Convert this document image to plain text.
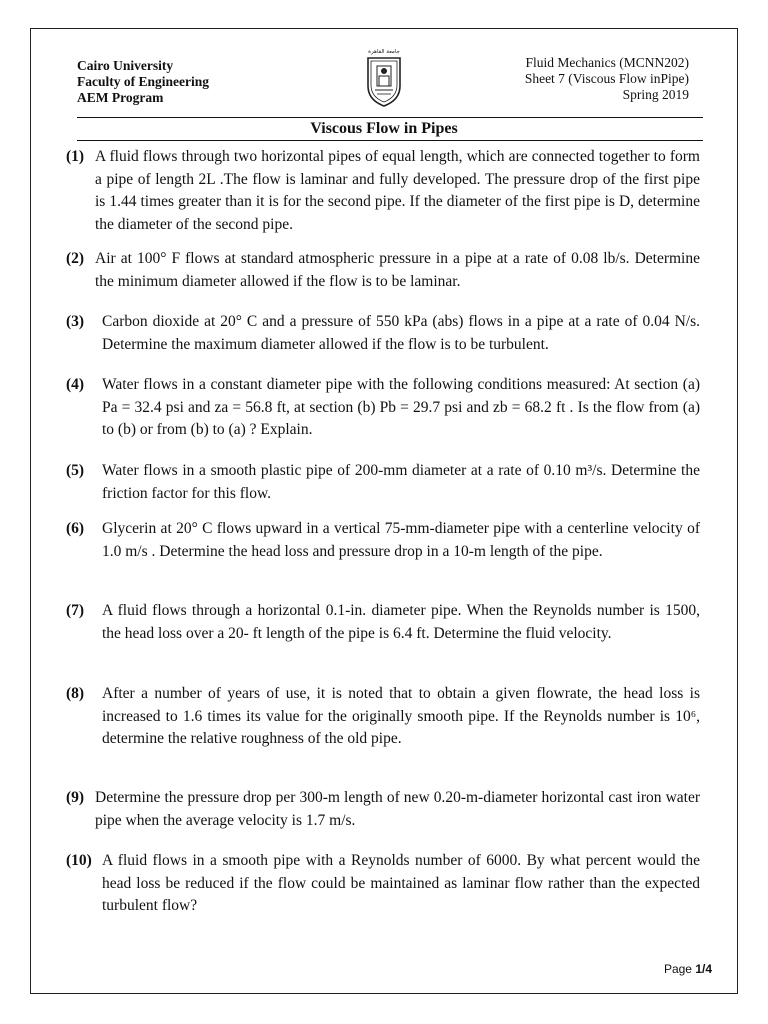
Cairo University
Faculty of Engineering
AEM Program
جامعة القاهرة
Fluid Mechanics (MCNN202)
Sheet 7 (Viscous Flow inPipe)
Spring 2019
Viscous Flow in Pipes
(1) A fluid flows through two horizontal pipes of equal length, which are connected together to form a pipe of length 2L .The flow is laminar and fully developed. The pressure drop of the first pipe is 1.44 times greater than it is for the second pipe. If the diameter of the first pipe is D, determine the diameter of the second pipe.
(2) Air at 100° F flows at standard atmospheric pressure in a pipe at a rate of 0.08 lb/s. Determine the minimum diameter allowed if the flow is to be laminar.
(3)	Carbon dioxide at 20° C and a pressure of 550 kPa (abs) flows in a pipe at a rate of 0.04 N/s. Determine the maximum diameter allowed if the flow is to be turbulent.
(4)	Water flows in a constant diameter pipe with the following conditions measured: At section (a) Pa = 32.4 psi and za = 56.8 ft, at section (b) Pb = 29.7 psi and zb = 68.2 ft . Is the flow from (a) to (b) or from (b) to (a) ? Explain.
(5)	Water flows in a smooth plastic pipe of 200-mm diameter at a rate of 0.10 m³/s. Determine the friction factor for this flow.
(6)	Glycerin at 20° C flows upward in a vertical 75-mm-diameter pipe with a centerline velocity of 1.0 m/s . Determine the head loss and pressure drop in a 10-m length of the pipe.
(7)	A fluid flows through a horizontal 0.1-in. diameter pipe. When the Reynolds number is 1500, the head loss over a 20- ft length of the pipe is 6.4 ft. Determine the fluid velocity.
(8)	After a number of years of use, it is noted that to obtain a given flowrate, the head loss is increased to 1.6 times its value for the originally smooth pipe. If the Reynolds number is 10⁶, determine the relative roughness of the old pipe.
(9) Determine the pressure drop per 300-m length of new 0.20-m-diameter horizontal cast iron water pipe when the average velocity is 1.7 m/s.
(10) A fluid flows in a smooth pipe with a Reynolds number of 6000. By what percent would the head loss be reduced if the flow could be maintained as laminar flow rather than the expected turbulent flow?
Page 1/4
